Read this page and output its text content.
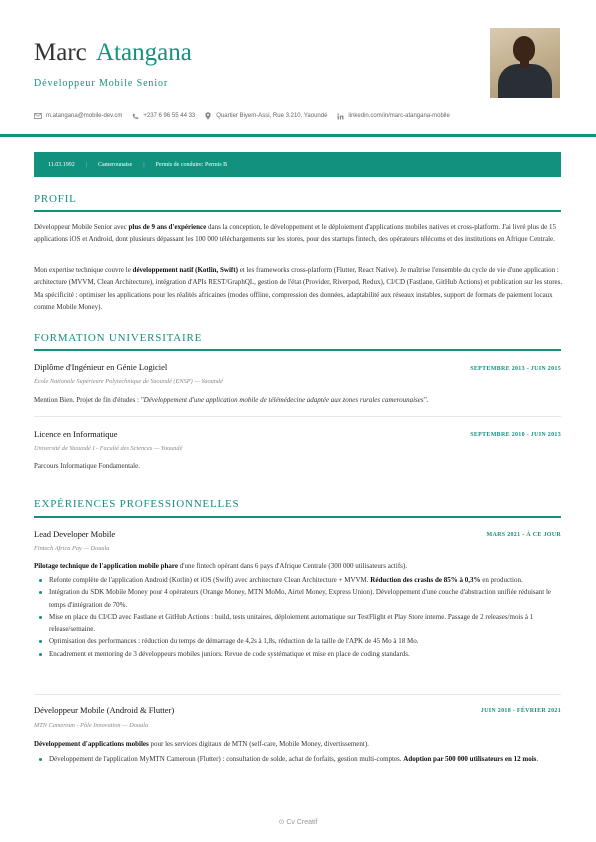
Marc Atangana
Développeur Mobile Senior
m.atangana@mobile-dev.cm	+237 6 96 55 44 33	Quartier Biyem-Assi, Rue 3.210, Yaoundé	linkedin.com/in/marc-atangana-mobile
11.03.1992 | Camerounaise | Permis de conduire: Permis B
PROFIL
Développeur Mobile Senior avec plus de 9 ans d'expérience dans la conception, le développement et le déploiement d'applications mobiles natives et cross-platform. J'ai livré plus de 15 applications iOS et Android, dont plusieurs dépassant les 100 000 téléchargements sur les stores, pour des startups fintech, des opérateurs télécoms et des institutions en Afrique Centrale.
Mon expertise technique couvre le développement natif (Kotlin, Swift) et les frameworks cross-platform (Flutter, React Native). Je maîtrise l'ensemble du cycle de vie d'une application : architecture (MVVM, Clean Architecture), intégration d'APIs REST/GraphQL, gestion de l'état (Provider, Riverpod, Redux), CI/CD (Fastlane, GitHub Actions) et publication sur les stores. Ma spécificité : optimiser les applications pour les réalités africaines (modes offline, compression des données, adaptabilité aux réseaux instables, support de formats de paiement locaux comme Mobile Money).
FORMATION UNIVERSITAIRE
Diplôme d'Ingénieur en Génie Logiciel	SEPTEMBRE 2013 - JUIN 2015
École Nationale Supérieure Polytechnique de Yaoundé (ENSP) — Yaoundé
Mention Bien. Projet de fin d'études : "Développement d'une application mobile de télémédecine adaptée aux zones rurales camerounaises".
Licence en Informatique	SEPTEMBRE 2010 - JUIN 2013
Université de Yaoundé I - Faculté des Sciences — Yaoundé
Parcours Informatique Fondamentale.
EXPÉRIENCES PROFESSIONNELLES
Lead Developer Mobile	MARS 2021 - À CE JOUR
Fintech Africa Pay — Douala
Pilotage technique de l'application mobile phare d'une fintech opérant dans 6 pays d'Afrique Centrale (300 000 utilisateurs actifs).
Refonte complète de l'application Android (Kotlin) et iOS (Swift) avec architecture Clean Architecture + MVVM. Réduction des crashs de 85% à 0,3% en production.
Intégration du SDK Mobile Money pour 4 opérateurs (Orange Money, MTN MoMo, Airtel Money, Express Union). Développement d'une couche d'abstraction unifiée réduisant le temps d'intégration de 70%.
Mise en place du CI/CD avec Fastlane et GitHub Actions : build, tests unitaires, déploiement automatique sur TestFlight et Play Store interne. Passage de 2 releases/mois à 1 release/semaine.
Optimisation des performances : réduction du temps de démarrage de 4,2s à 1,8s, réduction de la taille de l'APK de 45 Mo à 18 Mo.
Encadrement et mentoring de 3 développeurs mobiles juniors. Revue de code systématique et mise en place de coding standards.
Développeur Mobile (Android & Flutter)	JUIN 2018 - FÉVRIER 2021
MTN Cameroun - Pôle Innovation — Douala
Développement d'applications mobiles pour les services digitaux de MTN (self-care, Mobile Money, divertissement).
Développement de l'application MyMTN Cameroun (Flutter) : consultation de solde, achat de forfaits, gestion multi-comptes. Adoption par 500 000 utilisateurs en 12 mois.
⊙ Cv Creatif
